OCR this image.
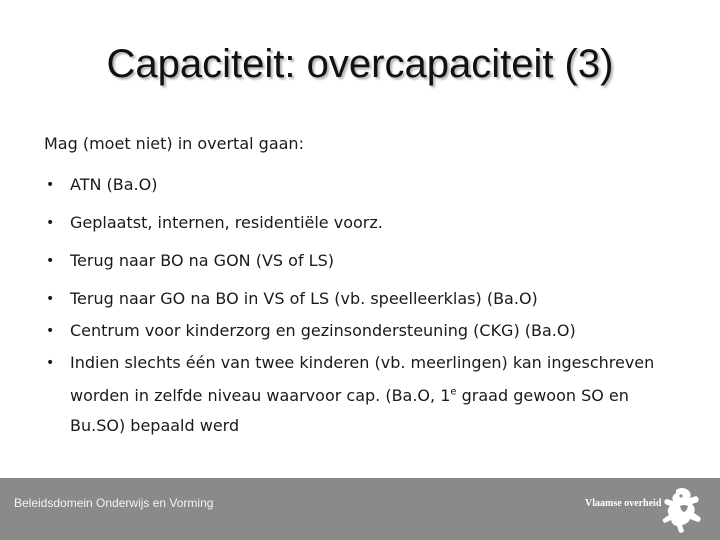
Capaciteit: overcapaciteit (3)

Mag (moet niet) in overtal gaan:

• ATN (Ba.O)
• Geplaatst, internen, residentiële voorz.
• Terug naar BO na GON (VS of LS)
• Terug naar GO na BO in VS of LS (vb. speelleerklas) (Ba.O)
• Centrum voor kinderzorg en gezinsondersteuning (CKG) (Ba.O)
• Indien slechts één van twee kinderen (vb. meerlingen) kan ingeschreven worden in zelfde niveau waarvoor cap. (Ba.O, 1e graad gewoon SO en Bu.SO) bepaald werd
Beleidsdomein Onderwijs en Vorming	Vlaamse overheid
